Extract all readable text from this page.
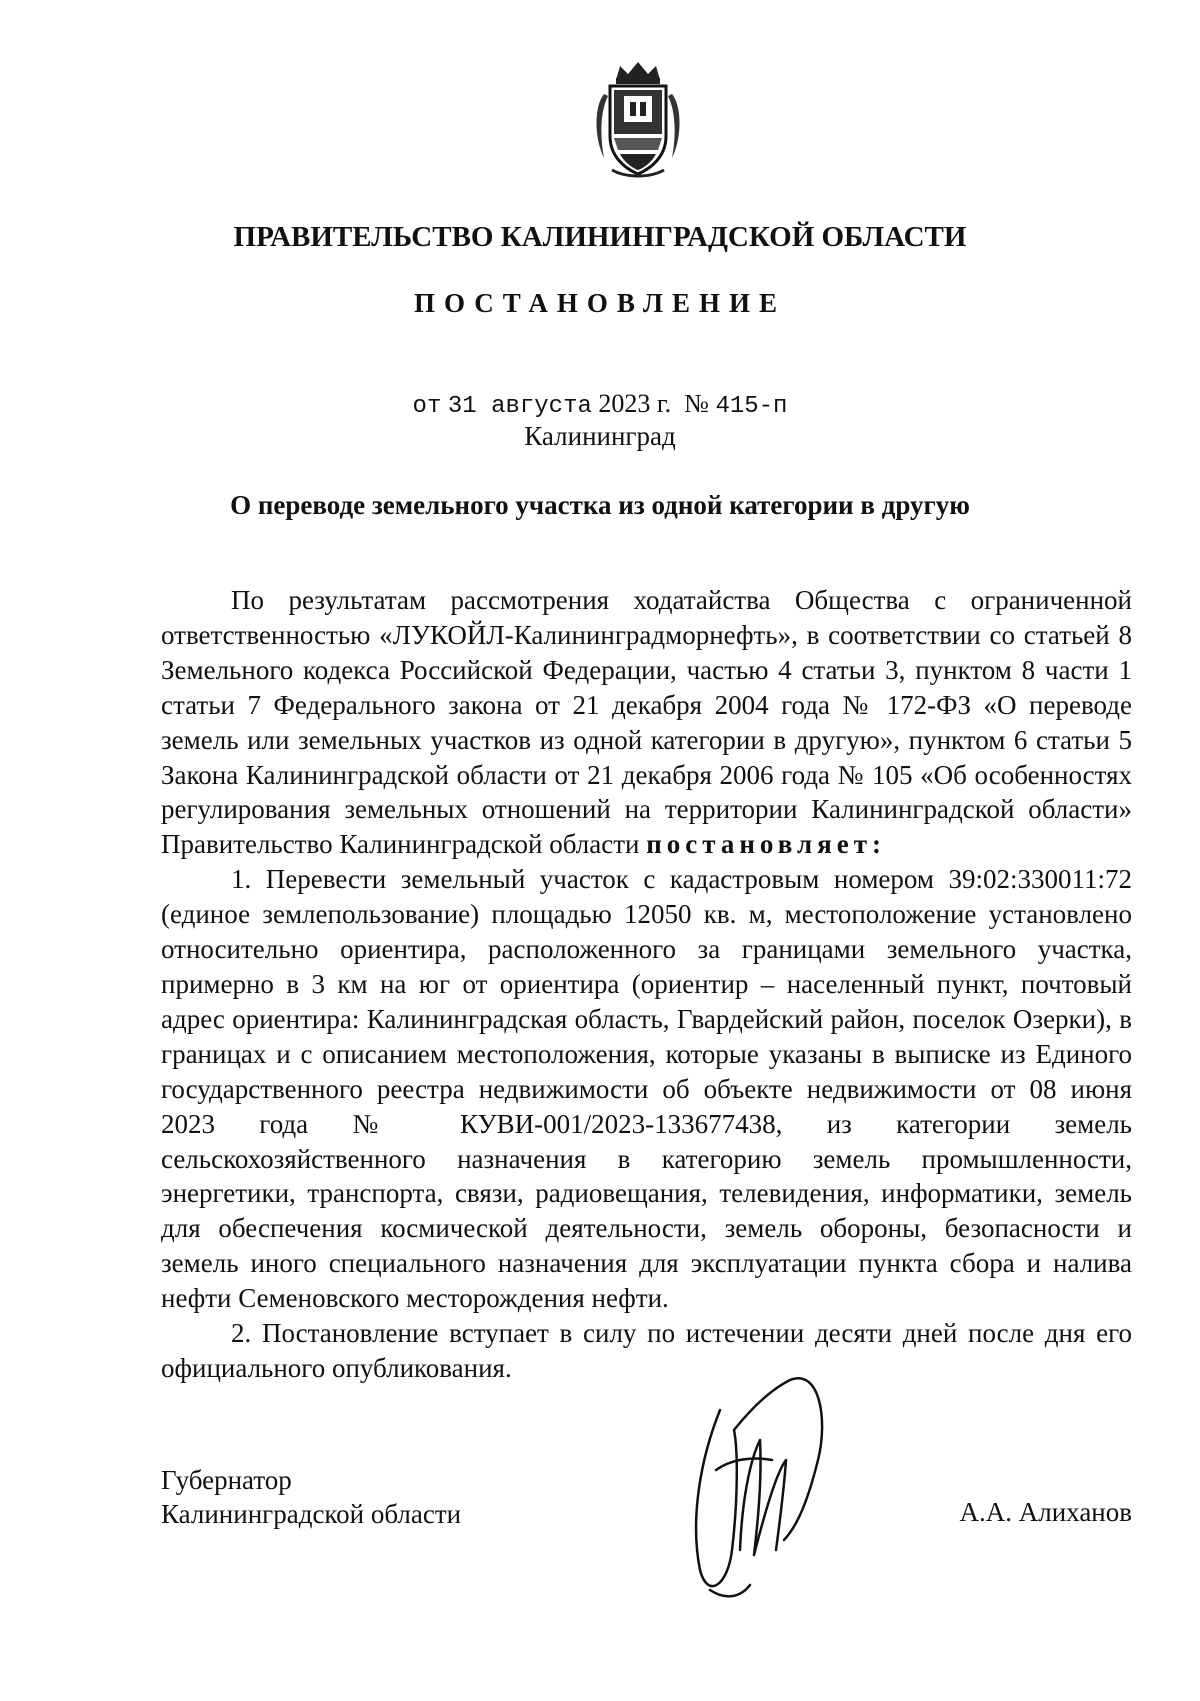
ПРАВИТЕЛЬСТВО КАЛИНИНГРАДСКОЙ ОБЛАСТИ
ПОСТАНОВЛЕНИЕ
от 31 августа 2023 г. № 415-п
Калининград
О переводе земельного участка из одной категории в другую

По результатам рассмотрения ходатайства Общества с ограниченной ответственностью «ЛУКОЙЛ-Калининградморнефть», в соответствии со статьей 8 Земельного кодекса Российской Федерации, частью 4 статьи 3, пунктом 8 части 1 статьи 7 Федерального закона от 21 декабря 2004 года № 172-ФЗ «О переводе земель или земельных участков из одной категории в другую», пунктом 6 статьи 5 Закона Калининградской области от 21 декабря 2006 года № 105 «Об особенностях регулирования земельных отношений на территории Калининградской области» Правительство Калининградской области постановляет:

1. Перевести земельный участок с кадастровым номером 39:02:330011:72 (единое землепользование) площадью 12050 кв. м, местоположение установлено относительно ориентира, расположенного за границами земельного участка, примерно в 3 км на юг от ориентира (ориентир – населенный пункт, почтовый адрес ориентира: Калининградская область, Гвардейский район, поселок Озерки), в границах и с описанием местоположения, которые указаны в выписке из Единого государственного реестра недвижимости об объекте недвижимости от 08 июня 2023 года № КУВИ-001/2023-133677438, из категории земель сельскохозяйственного назначения в категорию земель промышленности, энергетики, транспорта, связи, радиовещания, телевидения, информатики, земель для обеспечения космической деятельности, земель обороны, безопасности и земель иного специального назначения для эксплуатации пункта сбора и налива нефти Семеновского месторождения нефти.

2. Постановление вступает в силу по истечении десяти дней после дня его официального опубликования.

Губернатор
Калининградской области	А.А. Алиханов
